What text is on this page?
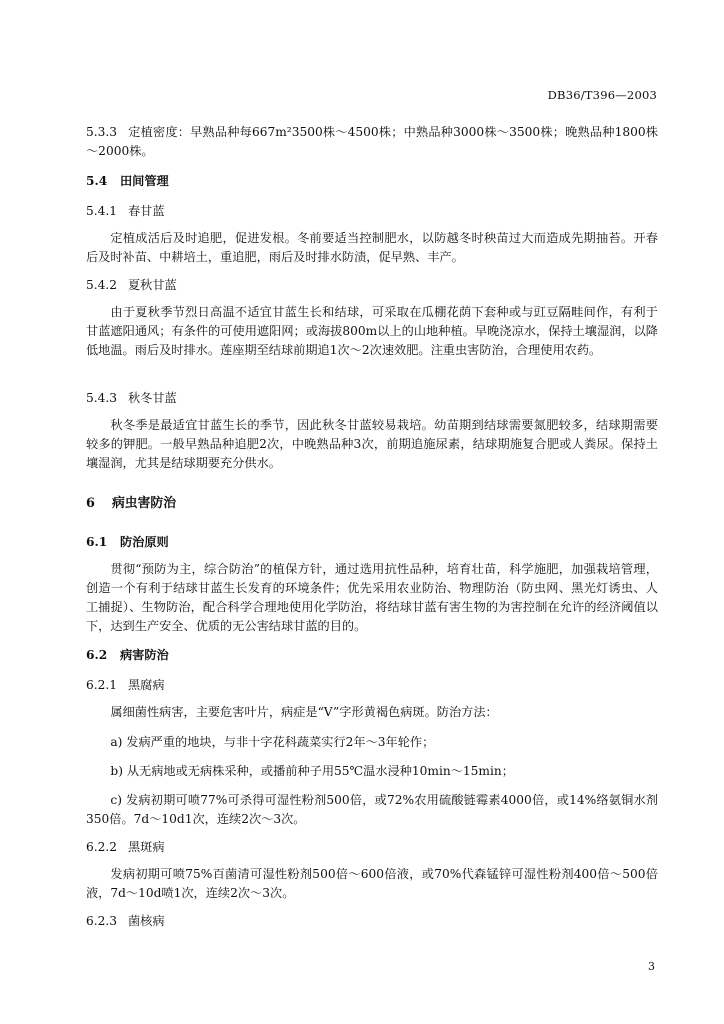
DB36/T396—2003
5.3.3 定植密度：早熟品种每667m²3500株～4500株；中熟品种3000株～3500株；晚熟品种1800株～2000株。
5.4 田间管理
5.4.1 春甘蓝
定植成活后及时追肥，促进发根。冬前要适当控制肥水，以防越冬时秧苗过大而造成先期抽苔。开春后及时补苗、中耕培土，重追肥，雨后及时排水防渍，促早熟、丰产。
5.4.2 夏秋甘蓝
由于夏秋季节烈日高温不适宜甘蓝生长和结球，可采取在瓜棚花荫下套种或与豇豆隔畦间作，有利于甘蓝遮阳通风；有条件的可使用遮阳网；或海拔800m以上的山地种植。早晚浇凉水，保持土壤湿润，以降低地温。雨后及时排水。莲座期至结球前期追1次～2次速效肥。注重虫害防治，合理使用农药。
5.4.3 秋冬甘蓝
秋冬季是最适宜甘蓝生长的季节，因此秋冬甘蓝较易栽培。幼苗期到结球需要氮肥较多，结球期需要较多的钾肥。一般早熟品种追肥2次，中晚熟品种3次，前期追施尿素，结球期施复合肥或人粪尿。保持土壤湿润，尤其是结球期要充分供水。
6 病虫害防治
6.1 防治原则
贯彻“预防为主，综合防治”的植保方针，通过选用抗性品种，培育壮苗，科学施肥，加强栽培管理，创造一个有利于结球甘蓝生长发育的环境条件；优先采用农业防治、物理防治（防虫网、黑光灯诱虫、人工捕捉）、生物防治，配合科学合理地使用化学防治，将结球甘蓝有害生物的为害控制在允许的经济阈值以下，达到生产安全、优质的无公害结球甘蓝的目的。
6.2 病害防治
6.2.1 黑腐病
属细菌性病害，主要危害叶片，病症是“V”字形黄褐色病斑。防治方法：
a) 发病严重的地块，与非十字花科蔬菜实行2年～3年轮作；
b) 从无病地或无病株采种，或播前种子用55℃温水浸种10min～15min；
c) 发病初期可喷77%可杀得可湿性粉剂500倍，或72%农用硫酸链霉素4000倍，或14%络氨铜水剂350倍。7d～10d1次，连续2次～3次。
6.2.2 黑斑病
发病初期可喷75%百菌清可湿性粉剂500倍～600倍液，或70%代森锰锌可湿性粉剂400倍～500倍液，7d～10d喷1次，连续2次～3次。
6.2.3 菌核病
3
